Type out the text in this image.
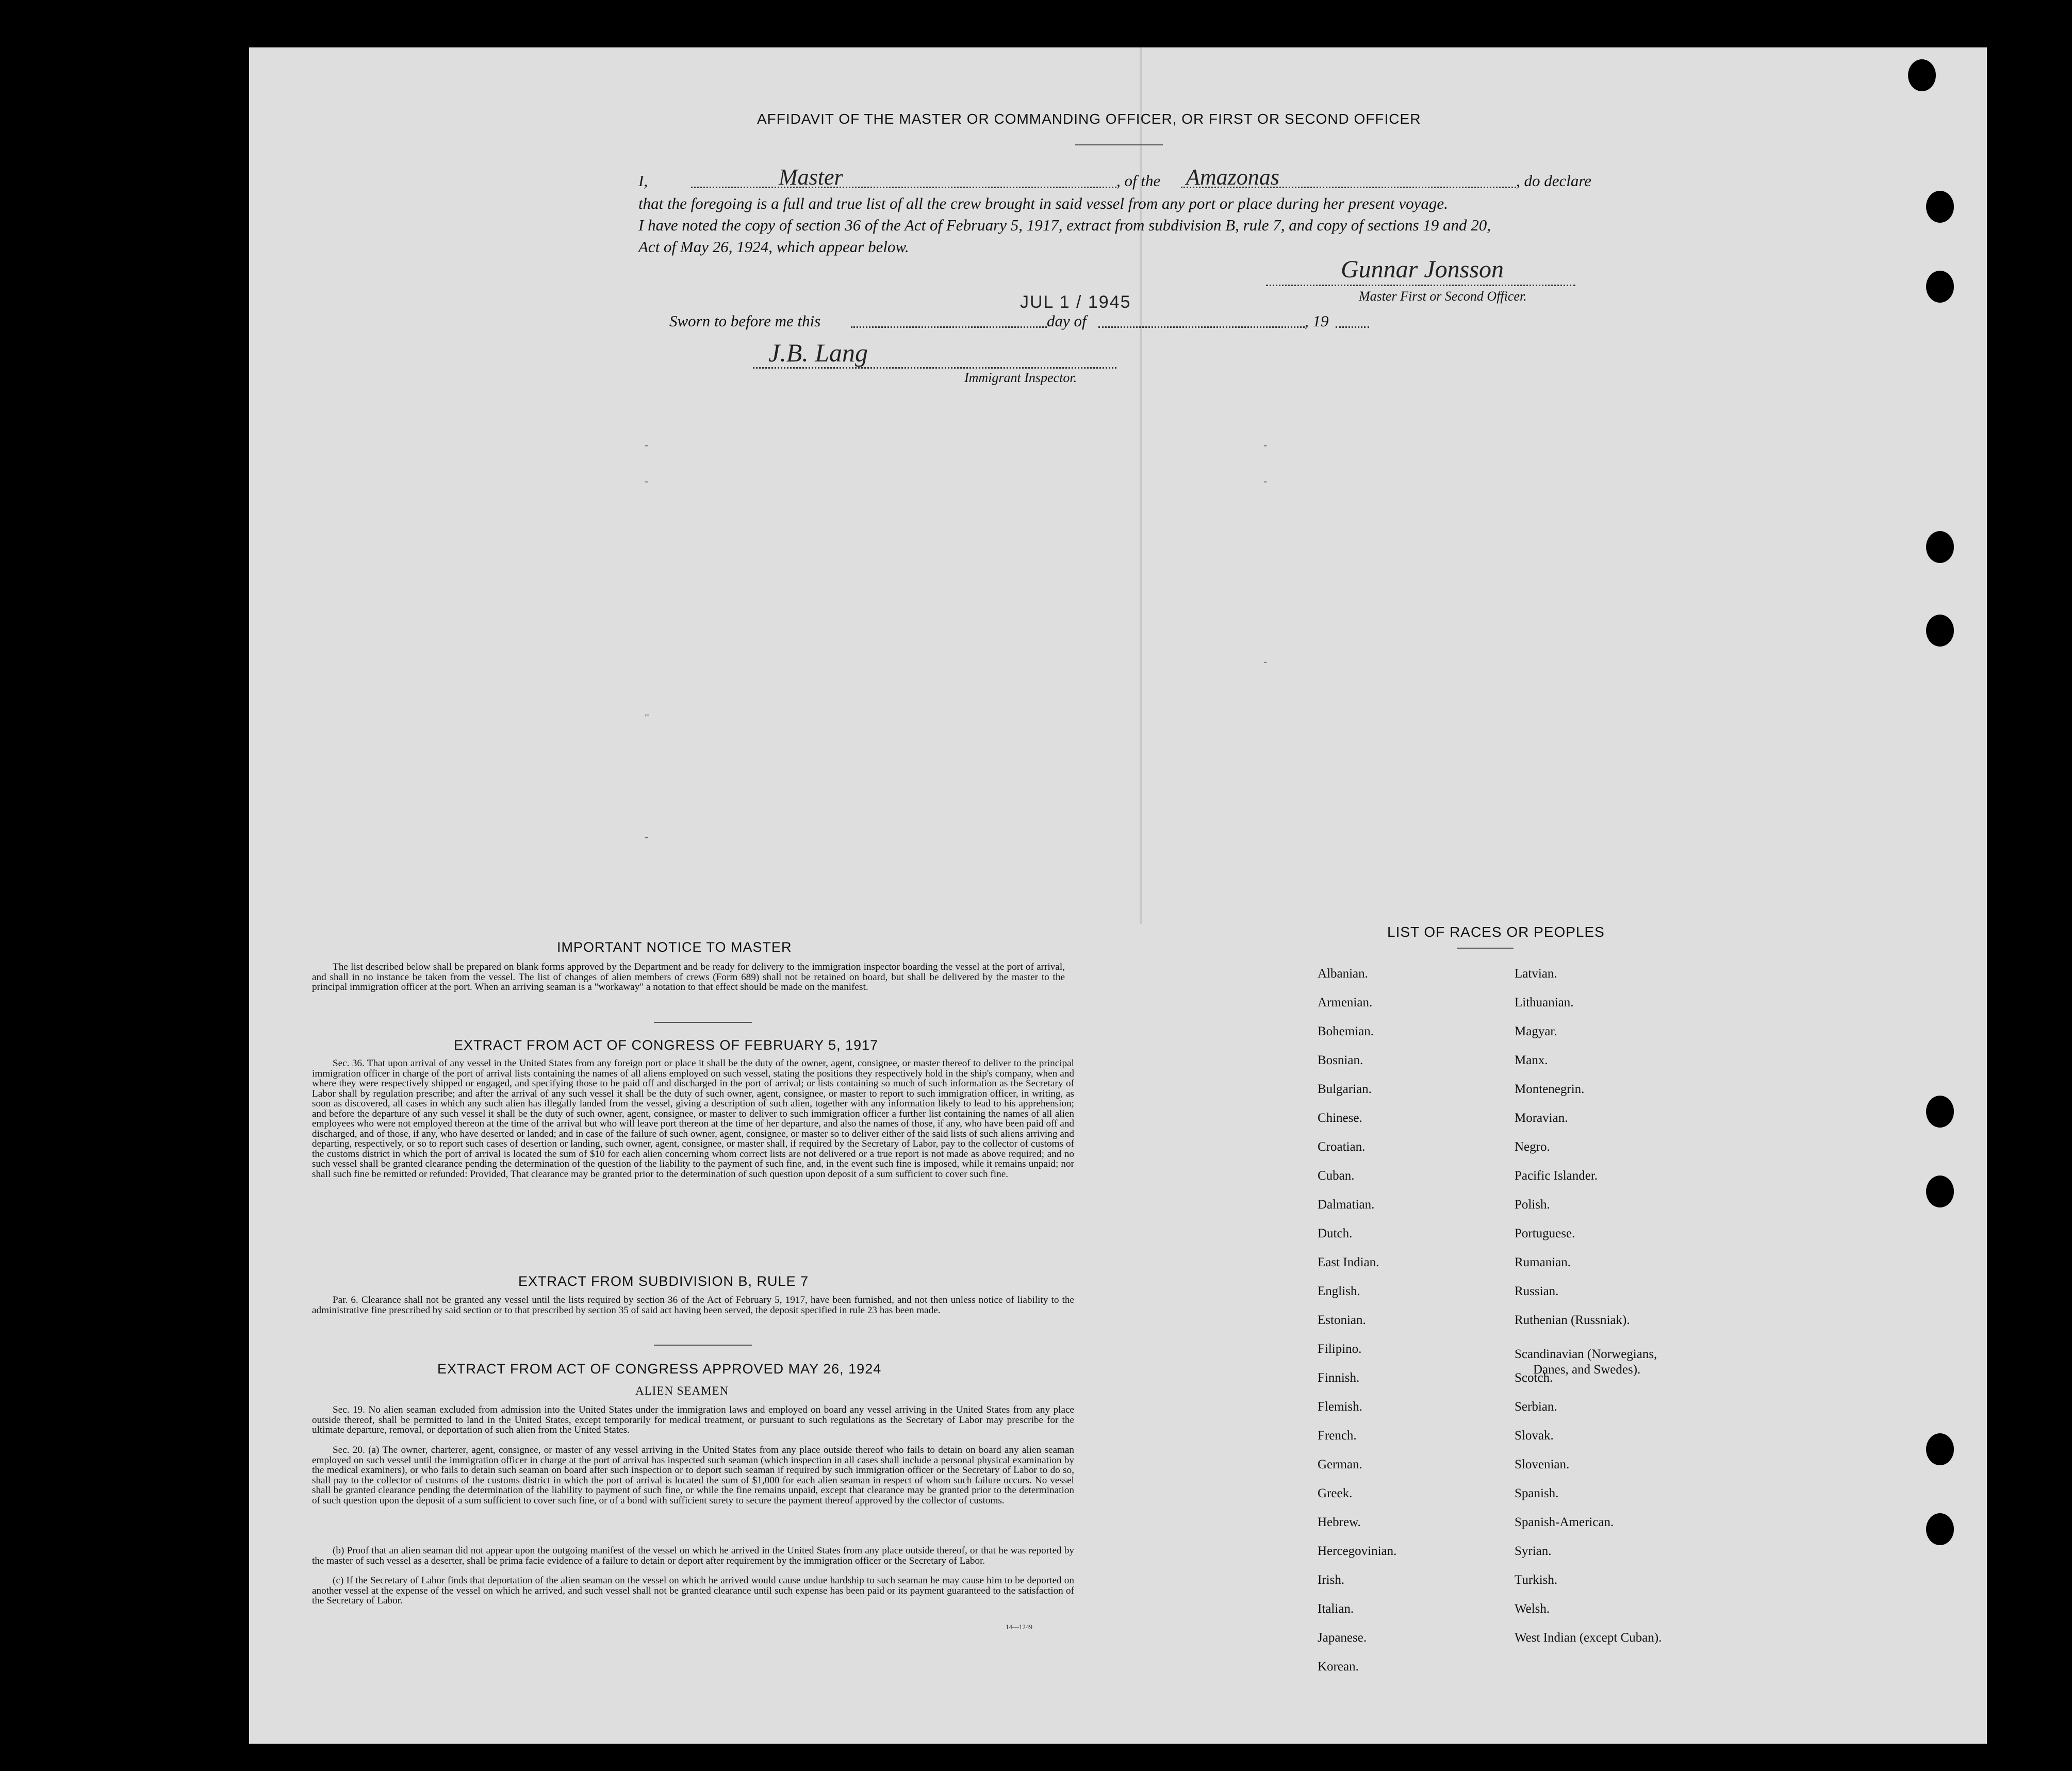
AFFIDAVIT OF THE MASTER OR COMMANDING OFFICER, OR FIRST OR SECOND OFFICER
I,	Master	, of the Amazonas	, do declare
that the foregoing is a full and true list of all the crew brought in said vessel from any port or place during her present voyage.
I have noted the copy of section 36 of the Act of February 5, 1917, extract from subdivision B, rule 7, and copy of sections 19 and 20,
Act of May 26, 1924, which appear below.
Gunnar Jonsson
Master First or Second Officer.
JUL 1 / 1945
Sworn to before me this	day of	, 19
J.B. Lang
Immigrant Inspector.
-
-
"
-
-
-
-
IMPORTANT NOTICE TO MASTER
The list described below shall be prepared on blank forms approved by the Department and be ready for delivery to the immigration inspector boarding the vessel at the port of arrival, and shall in no instance be taken from the vessel. The list of changes of alien members of crews (Form 689) shall not be retained on board, but shall be delivered by the master to the principal immigration officer at the port. When an arriving seaman is a "workaway" a notation to that effect should be made on the manifest.
EXTRACT FROM ACT OF CONGRESS OF FEBRUARY 5, 1917
Sec. 36. That upon arrival of any vessel in the United States from any foreign port or place it shall be the duty of the owner, agent, consignee, or master thereof to deliver to the principal immigration officer in charge of the port of arrival lists containing the names of all aliens employed on such vessel, stating the positions they respectively hold in the ship's company, when and where they were respectively shipped or engaged, and specifying those to be paid off and discharged in the port of arrival; or lists containing so much of such information as the Secretary of Labor shall by regulation prescribe; and after the arrival of any such vessel it shall be the duty of such owner, agent, consignee, or master to report to such immigration officer, in writing, as soon as discovered, all cases in which any such alien has illegally landed from the vessel, giving a description of such alien, together with any information likely to lead to his apprehension; and before the departure of any such vessel it shall be the duty of such owner, agent, consignee, or master to deliver to such immigration officer a further list containing the names of all alien employees who were not employed thereon at the time of the arrival but who will leave port thereon at the time of her departure, and also the names of those, if any, who have been paid off and discharged, and of those, if any, who have deserted or landed; and in case of the failure of such owner, agent, consignee, or master so to deliver either of the said lists of such aliens arriving and departing, respectively, or so to report such cases of desertion or landing, such owner, agent, consignee, or master shall, if required by the Secretary of Labor, pay to the collector of customs of the customs district in which the port of arrival is located the sum of $10 for each alien concerning whom correct lists are not delivered or a true report is not made as above required; and no such vessel shall be granted clearance pending the determination of the question of the liability to the payment of such fine, and, in the event such fine is imposed, while it remains unpaid; nor shall such fine be remitted or refunded: Provided, That clearance may be granted prior to the determination of such question upon deposit of a sum sufficient to cover such fine.
EXTRACT FROM SUBDIVISION B, RULE 7
Par. 6. Clearance shall not be granted any vessel until the lists required by section 36 of the Act of February 5, 1917, have been furnished, and not then unless notice of liability to the administrative fine prescribed by said section or to that prescribed by section 35 of said act having been served, the deposit specified in rule 23 has been made.
EXTRACT FROM ACT OF CONGRESS APPROVED MAY 26, 1924
ALIEN SEAMEN
Sec. 19. No alien seaman excluded from admission into the United States under the immigration laws and employed on board any vessel arriving in the United States from any place outside thereof, shall be permitted to land in the United States, except temporarily for medical treatment, or pursuant to such regulations as the Secretary of Labor may prescribe for the ultimate departure, removal, or deportation of such alien from the United States.
Sec. 20. (a) The owner, charterer, agent, consignee, or master of any vessel arriving in the United States from any place outside thereof who fails to detain on board any alien seaman employed on such vessel until the immigration officer in charge at the port of arrival has inspected such seaman (which inspection in all cases shall include a personal physical examination by the medical examiners), or who fails to detain such seaman on board after such inspection or to deport such seaman if required by such immigration officer or the Secretary of Labor to do so, shall pay to the collector of customs of the customs district in which the port of arrival is located the sum of $1,000 for each alien seaman in respect of whom such failure occurs. No vessel shall be granted clearance pending the determination of the liability to payment of such fine, or while the fine remains unpaid, except that clearance may be granted prior to the determination of such question upon the deposit of a sum sufficient to cover such fine, or of a bond with sufficient surety to secure the payment thereof approved by the collector of customs.
(b) Proof that an alien seaman did not appear upon the outgoing manifest of the vessel on which he arrived in the United States from any place outside thereof, or that he was reported by the master of such vessel as a deserter, shall be prima facie evidence of a failure to detain or deport after requirement by the immigration officer or the Secretary of Labor.
(c) If the Secretary of Labor finds that deportation of the alien seaman on the vessel on which he arrived would cause undue hardship to such seaman he may cause him to be deported on another vessel at the expense of the vessel on which he arrived, and such vessel shall not be granted clearance until such expense has been paid or its payment guaranteed to the satisfaction of the Secretary of Labor.
14—1249
LIST OF RACES OR PEOPLES
Albanian.
Armenian.
Bohemian.
Bosnian.
Bulgarian.
Chinese.
Croatian.
Cuban.
Dalmatian.
Dutch.
East Indian.
English.
Estonian.
Filipino.
Finnish.
Flemish.
French.
German.
Greek.
Hebrew.
Hercegovinian.
Irish.
Italian.
Japanese.
Korean.
Latvian.
Lithuanian.
Magyar.
Manx.
Montenegrin.
Moravian.
Negro.
Pacific Islander.
Polish.
Portuguese.
Rumanian.
Russian.
Ruthenian (Russniak).
Scandinavian (Norwegians,
Danes, and Swedes).
Scotch.
Serbian.
Slovak.
Slovenian.
Spanish.
Spanish-American.
Syrian.
Turkish.
Welsh.
West Indian (except Cuban).
